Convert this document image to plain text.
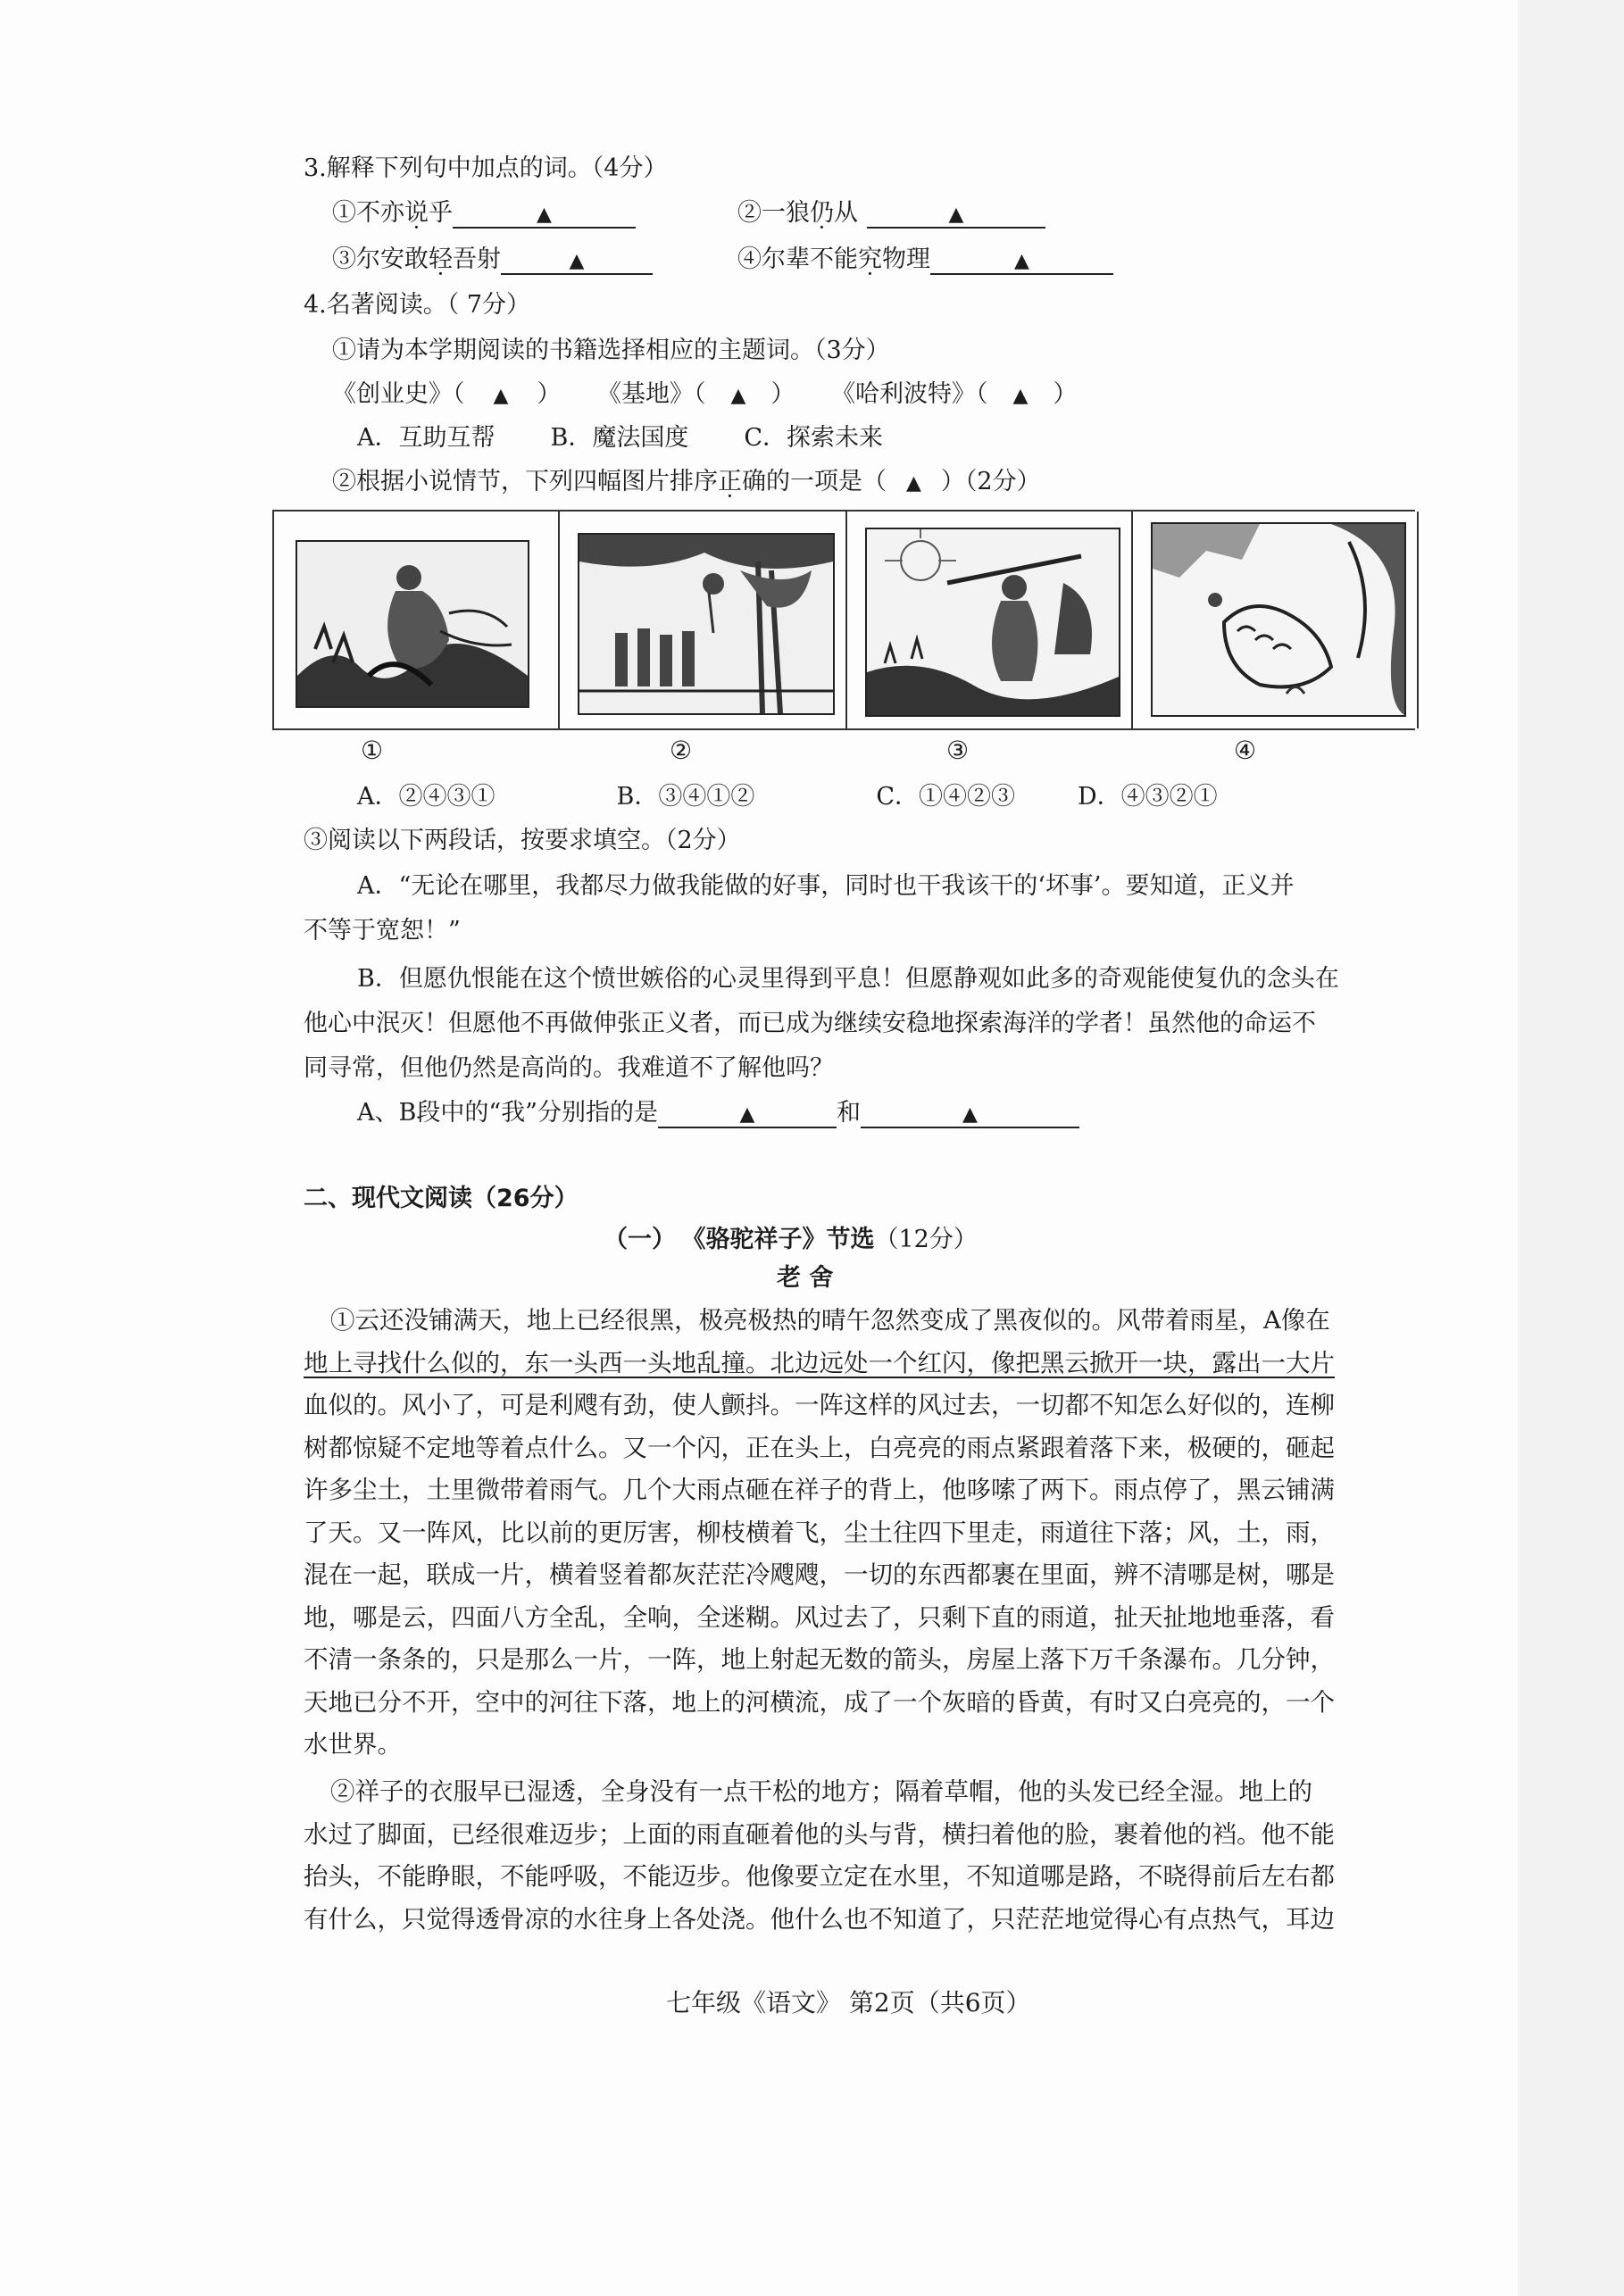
3.解释下列句中加点的词。（4分）
①不亦说乎	▲	②一狼仍从	▲
③尔安敢轻吾射	▲	④尔辈不能究物理	▲
4.名著阅读。（ 7分）
①请为本学期阅读的书籍选择相应的主题词。（3分）
《创业史》（ ▲ ） 《基地》（ ▲ ） 《哈利波特》（ ▲ ）
A．互助互帮 B．魔法国度 C．探索未来
②根据小说情节，下列四幅图片排序正确的一项是（ ▲ ）（2分）
①	②	③	④
A．②④③①	B．③④①②	C．①④②③	D．④③②①
③阅读以下两段话，按要求填空。（2分）
A．“无论在哪里，我都尽力做我能做的好事，同时也干我该干的‘坏事’。要知道，正义并
不等于宽恕！”
B．但愿仇恨能在这个愤世嫉俗的心灵里得到平息！但愿静观如此多的奇观能使复仇的念头在
他心中泯灭！但愿他不再做伸张正义者，而已成为继续安稳地探索海洋的学者！虽然他的命运不
同寻常，但他仍然是高尚的。我难道不了解他吗？
A、B段中的“我”分别指的是	▲	和	▲
二、现代文阅读（26分）
（一） 《骆驼祥子》节选（12分）
老 舍
①云还没铺满天，地上已经很黑，极亮极热的晴午忽然变成了黑夜似的。风带着雨星，A像在
地上寻找什么似的，东一头西一头地乱撞。北边远处一个红闪，像把黑云掀开一块，露出一大片
血似的。风小了，可是利飕有劲，使人颤抖。一阵这样的风过去，一切都不知怎么好似的，连柳
树都惊疑不定地等着点什么。又一个闪，正在头上，白亮亮的雨点紧跟着落下来，极硬的，砸起
许多尘土，土里微带着雨气。几个大雨点砸在祥子的背上，他哆嗦了两下。雨点停了，黑云铺满
了天。又一阵风，比以前的更厉害，柳枝横着飞，尘土往四下里走，雨道往下落；风，土，雨，
混在一起，联成一片，横着竖着都灰茫茫冷飕飕，一切的东西都裹在里面，辨不清哪是树，哪是
地，哪是云，四面八方全乱，全响，全迷糊。风过去了，只剩下直的雨道，扯天扯地地垂落，看
不清一条条的，只是那么一片，一阵，地上射起无数的箭头，房屋上落下万千条瀑布。几分钟，
天地已分不开，空中的河往下落，地上的河横流，成了一个灰暗的昏黄，有时又白亮亮的，一个
水世界。
②祥子的衣服早已湿透，全身没有一点干松的地方；隔着草帽，他的头发已经全湿。地上的
水过了脚面，已经很难迈步；上面的雨直砸着他的头与背，横扫着他的脸，裹着他的裆。他不能
抬头，不能睁眼，不能呼吸，不能迈步。他像要立定在水里，不知道哪是路，不晓得前后左右都
有什么，只觉得透骨凉的水往身上各处浇。他什么也不知道了，只茫茫地觉得心有点热气，耳边
七年级《语文》 第2页（共6页）
